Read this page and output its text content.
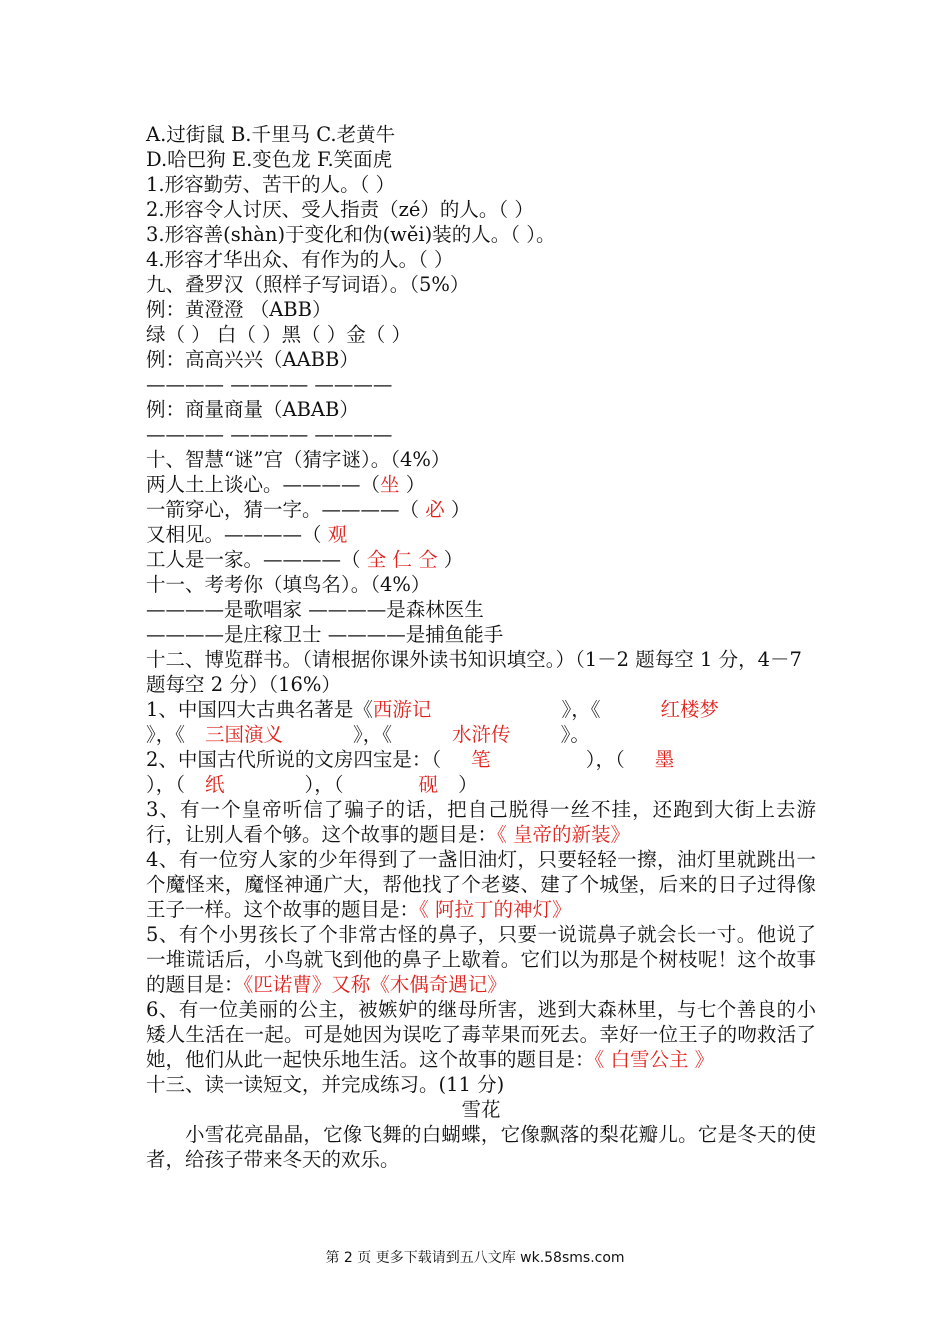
A.过街鼠 B.千里马 C.老黄牛
D.哈巴狗 E.变色龙 F.笑面虎
1.形容勤劳、苦干的人。（ ）
2.形容令人讨厌、受人指责（zé）的人。（ ）
3.形容善(shàn)于变化和伪(wěi)装的人。（ ）。
4.形容才华出众、有作为的人。（ ）
九、叠罗汉（照样子写词语）。（5%）
例：黄澄澄 （ABB）
绿（ ） 白（ ）黑（ ）金（ ）
例：高高兴兴（AABB）
———— ———— ————
例：商量商量（ABAB）
———— ———— ————
十、智慧“谜”宫（猜字谜）。（4%）
两人土上谈心。————（坐 ）
一箭穿心，猜一字。————（ 必 ）
又相见。————（ 观
工人是一家。————（ 全 仁 仝 ）
十一、考考你（填鸟名）。（4%）
————是歌唱家 ————是森林医生
————是庄稼卫士 ————是捕鱼能手
十二、博览群书。（请根据你课外读书知识填空。）（1－2 题每空 1 分，4－7 题每空 2 分）（16%）
1、中国四大古典名著是《西游记	》，《	红楼梦
》，《 三国演义	》，《	水浒传	》。
2、中国古代所说的文房四宝是：（ 笔	），（ 墨
），（ 纸	），（	砚 ）
3、有一个皇帝听信了骗子的话，把自己脱得一丝不挂，还跑到大街上去游行，让别人看个够。这个故事的题目是：《 皇帝的新装》
4、有一位穷人家的少年得到了一盏旧油灯，只要轻轻一擦，油灯里就跳出一个魔怪来，魔怪神通广大，帮他找了个老婆、建了个城堡，后来的日子过得像王子一样。这个故事的题目是：《 阿拉丁的神灯》
5、有个小男孩长了个非常古怪的鼻子，只要一说谎鼻子就会长一寸。他说了一堆谎话后，小鸟就飞到他的鼻子上歇着。它们以为那是个树枝呢！这个故事的题目是：《匹诺曹》又称《木偶奇遇记》
6、有一位美丽的公主，被嫉妒的继母所害，逃到大森林里，与七个善良的小矮人生活在一起。可是她因为误吃了毒苹果而死去。幸好一位王子的吻救活了她，他们从此一起快乐地生活。这个故事的题目是：《 白雪公主 》
十三、读一读短文，并完成练习。(11 分)
雪花
小雪花亮晶晶，它像飞舞的白蝴蝶，它像飘落的梨花瓣儿。它是冬天的使者，给孩子带来冬天的欢乐。
第 2 页 更多下载请到五八文库 wk.58sms.com
